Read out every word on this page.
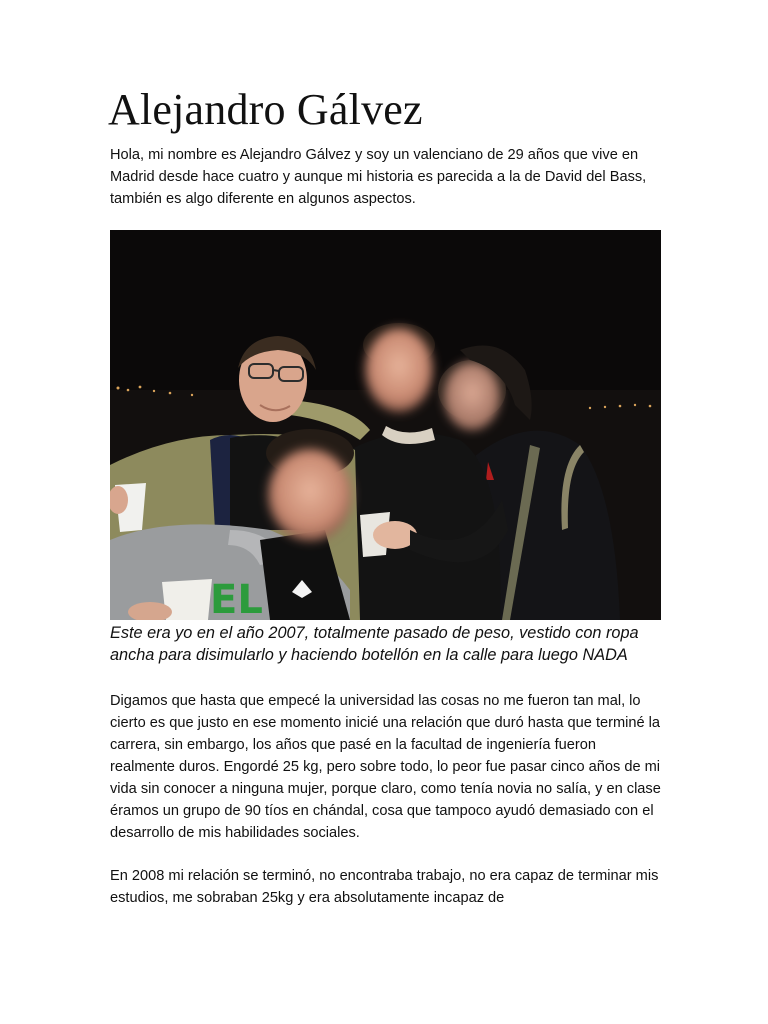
Alejandro Gálvez

Hola, mi nombre es Alejandro Gálvez y soy un valenciano de 29 años que vive en Madrid desde hace cuatro y aunque mi historia es parecida a la de David del Bass, también es algo diferente en algunos aspectos.

EL

Este era yo en el año 2007, totalmente pasado de peso, vestido con ropa ancha para disimularlo y haciendo botellón en la calle para luego NADA

Digamos que hasta que empecé la universidad las cosas no me fueron tan mal, lo cierto es que justo en ese momento inicié una relación que duró hasta que terminé la carrera, sin embargo, los años que pasé en la facultad de ingeniería fueron realmente duros. Engordé 25 kg, pero sobre todo, lo peor fue pasar cinco años de mi vida sin conocer a ninguna mujer, porque claro, como tenía novia no salía, y en clase éramos un grupo de 90 tíos en chándal, cosa que tampoco ayudó demasiado con el desarrollo de mis habilidades sociales.

En 2008 mi relación se terminó, no encontraba trabajo, no era capaz de terminar mis estudios, me sobraban 25kg y era absolutamente incapaz de
